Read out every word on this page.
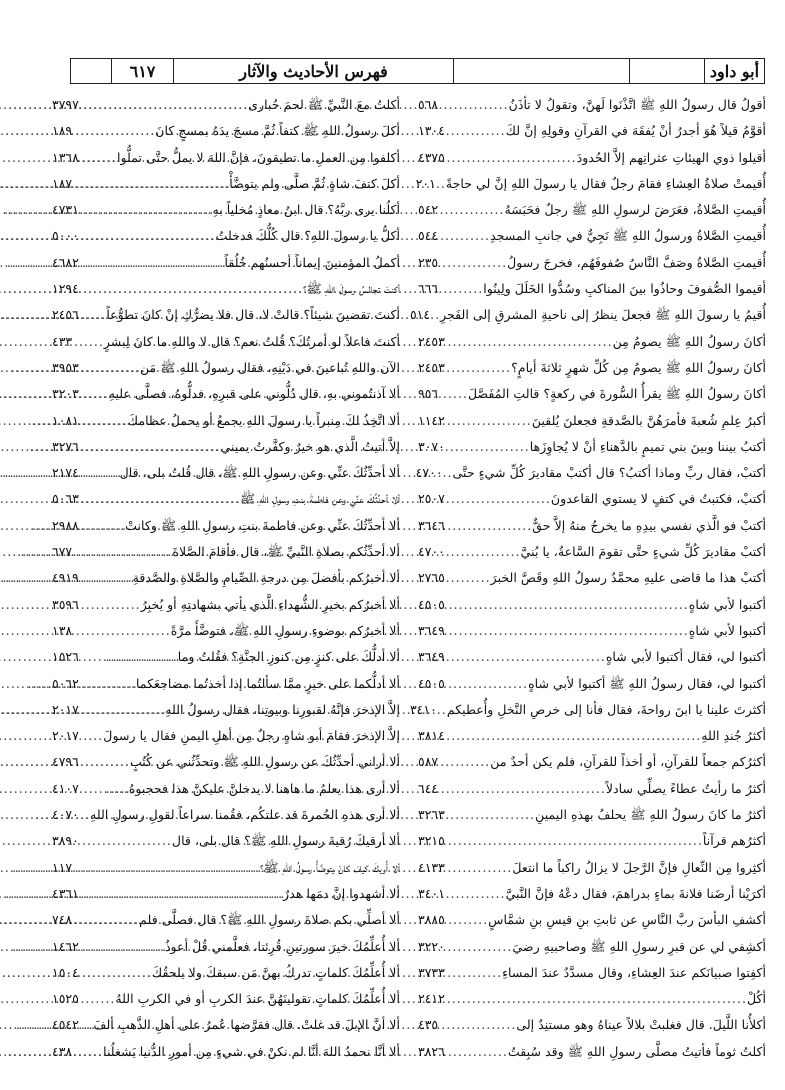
٦١٧	فهرس الأحاديث والآثار	أبو داود
أقولُ قال رسولُ اللهِ ﷺ اتَّذْنَوا لَهنَّ، وتقولُ لا تأذَنُ
.....
٥٦٨
أقوَّمُ قيلاً هُوَ أجدرُ أنْ يُفقَهَ في القرآنِ وقولِهِ إنَّ لكَ
.....
١٣٠٤
أقيلوا ذوي الهيئاتِ عثراتِهم إلاَّ الحُدودَ
.....
٤٣٧٥
أُقيمتْ صلاةُ العِشاءِ فقامَ رجلٌ فقال يا رسولَ اللهِ إنَّ لي حاجةً
.....
٢٠١
أُقيمتِ الصَّلاةُ، فعَرَضَ لرسولِ اللهِ ﷺ رجلٌ فحَبَسَهُ
.....
٥٤٢
أُقيمتِ الصَّلاةُ ورسولُ اللهِ ﷺ نَجِيٌّ في جانبِ المسجدِ
.....
٥٤٤
أُقيمتِ الصَّلاةُ وصَفَّ النَّاسُ صُفوفَهُم، فخرجَ رسولُ
.....
٢٣٥
أقيموا الصُّفوفَ وحاذُوا بينَ المناكبِ وسُدُّوا الخَلَلَ ولِينُوا
.....
٦٦٦
أُقيمُ يا رسولَ اللهِ ﷺ فجعلَ ينظرُ إلى ناحيةِ المشرقِ إلى الفَجرِ
.....
٥١٤
أكانَ رسولُ اللهِ ﷺ يصومُ مِن
.....
٢٤٥٣
أكانَ رسولُ اللهِ ﷺ يصومُ مِن كُلِّ شهرٍ ثلاثةَ أيامٍ؟
.....
٢٤٥٣
أكانَ رسولُ اللهِ ﷺ يقرأُ السُّورةَ في ركعةٍ؟ قالتِ المُفَصَّلَ
.....
٩٥٦
أكبرُ عِلمِ شُعبةَ فأمرَهُنَّ بالصَّدقةِ فجعلنَ يُلقينَ
.....
١١٤٢
أكتبُ بيننا وبينَ بني تميمٍ بالدَّهناءِ أنْ لا يُجاوِزَها
.....
٣٠٧٠
أكتبْ، فقال ربِّ وماذا أكتبُ؟ قال أكتبْ مقاديرَ كُلِّ شيءٍ حتَّى
.....
٤٧٠٠
أكتبْ، فكتبتُ في كتفٍ لا يستوي القاعدونَ
.....
٢٥٠٧
أكتبْ فو الَّذي نفسي بيدِهِ ما يخرجُ منهُ إلاَّ حقٌّ
.....
٣٦٤٦
أكتبْ مقاديرَ كُلِّ شيءٍ حتَّى تقومَ السَّاعةُ، يا بُنيَّ
.....
٤٧٠٠
أكتبْ هذا ما قاضى عليهِ محمَّدٌ رسولُ اللهِ وقَصَّ الخبرَ
.....
٢٧٦٥
أكتبوا لأبي شاهٍ
.....
٤٥٠٥
أكتبوا لأبي شاهٍ
.....
٣٦٤٩
أكتبوا لي، فقال أكتبوا لأبي شاهٍ
.....
٣٦٤٩
أكتبوا لي، فقال رسولُ اللهِ ﷺ أكتبوا لأبي شاهٍ
.....
٤٥٠٥
أكثرتَ علينا يا ابنَ رواحةَ، فقال فأنا إلى خرصِ النَّخلِ وأُعطيكم
.....
٣٤١٠
أكثرُ جُندِ اللهِ
.....
٣٨١٤
أكثرُكم جمعاً للقرآنِ، أو أخذاً للقرآنِ، فلم يكن أحدٌ من
.....
٥٨٧
أكثرُ ما رأيتُ عطاءً يصلِّي سادلاً
.....
٦٤٤
أكثرُ ما كانَ رسولُ اللهِ ﷺ يحلفُ بهذهِ اليمينِ
.....
٣٢٦٣
أكثرُهم قرآناً
.....
٣٢١٥
أكثِروا مِن النِّعالِ فإنَّ الرَّجلَ لا يزالُ راكباً ما انتعلَ
.....
٤١٣٣
أكرَيْنا أرضَنا فلانةَ بماءٍ بدراهمَ، فقال دعْهُ فإنَّ النَّبيَّ
.....
٣٤٠١
أكشفِ البأسَ ربَّ النَّاسِ عن ثابتِ بنِ قيسِ بنِ شمَّاسٍ
.....
٣٨٨٥
أكشِفي لي عن قبرِ رسولِ اللهِ ﷺ وصاحبيهِ رضيَ
.....
٣٢٢٠
أكفِتوا صبيانَكم عندَ العِشاءِ، وقال مسدَّدٌ عندَ المساءِ
.....
٣٧٣٣
أكُلْ
.....
٢٤١٢
أكلأُنا اللَّيلَ. قال فغلبتْ بلالاً عيناهُ وهو مستنِدٌ إلى
.....
٤٣٥
أكلتُ ثوماً فأتيتُ مصلَّى رسولِ اللهِ ﷺ وقد سُبِقتُ
.....
٣٨٢٦
أكلتُ معَ النَّبيِّ ﷺ لحمَ حُبارى
.....
٣٧٩٧
أكلَ رسولُ اللهِ ﷺ كتفاً ثُمَّ مسحَ يدَهُ بمسحٍ كانَ
.....
١٨٩
أكلفوا مِن العملِ ما تطيقونَ، فإنَّ اللهَ لا يملُّ حتَّى تملُّوا
.....
١٣٦٨
أكلَ كتفَ شاةٍ ثُمَّ صلَّى ولم يتوضَّأْ
.....
١٨٧
أكلُنا يرى ربَّهُ؟ قال ابنُ معاذٍ مُخلياً بهِ
.....
٤٧٣١
أكلُّ يا رسولَ اللهِ؟ قال كُلُّكَ فدخلتُ
.....
٥٠٠٠
أكملُ المؤمنينَ إيماناً أحسنُهم خُلُقاً
.....
٤٦٨٢
أكنتَ تجالسُ رسولَ اللهِ ﷺ؟
.....
١٢٩٤
أكنتَ تقضينَ شيئاً؟ قالتْ لا، قال فلا يضرُّكِ إنْ كانَ تطوُّعاً
.....
٢٤٥٦
أكنتَ فاعلاً لو أمرتُكَ؟ قُلتُ نعم؟ قال لا واللهِ ما كانَ لِبشرٍ
.....
٤٣٣
الآن واللهِ تُباعينَ في دَيْنِهِ، فقال رسولُ اللهِ ﷺ مَن
.....
٣٩٥٣
ألا آذنتُموني بهِ، قال دُلُّوني على قبرِهِ، فدلُّوهُ، فصلَّى عليهِ
.....
٣٢٠٣
ألا اتَّخِذُ لكَ مِنبراً يا رسولَ اللهِ يجمعُ أو يحملُ عظامكَ
.....
١٠٨١
إلاَّ أتيتُ الَّذي هو خيرٌ وكفَّرتُ يميني
.....
٣٢٧٦
ألا أحدِّثُكَ عنِّي وعن رسولِ اللهِ ﷺ، قال قُلتُ بلى، قال
.....
٢١٧٤
ألا أحدِّثُكَ عنِّي وعن فاطمةَ بنتِ رسولِ اللهِ ﷺ
.....
٥٠٦٣
ألا أحدِّثُكَ عنِّي وعن فاطمةَ بنتِ رسولِ اللهِ ﷺ وكانتْ
.....
٢٩٨٨
ألا أحدِّثُكم بصلاةِ النَّبيِّ ﷺ، قال فأقامَ الصَّلاةَ
.....
٦٧٧
ألا أخبرُكم بأفضلَ مِن درجةِ الصِّيامِ والصَّلاةِ والصَّدقةِ
.....
٤٩١٩
ألا أخبرُكم بخيرِ الشُّهداءِ الَّذي يأتي بشهادتِهِ أو يُخبِرُ
.....
٣٥٩٦
ألا أخبرُكم بوضوءِ رسولِ اللهِ ﷺ، فتوضَّأَ مرَّةً
.....
١٣٨
ألا أدلُّكَ على كنزٍ مِن كنوزِ الجنَّةِ؟ فقُلتُ وما
.....
١٥٢٦
ألا أدلُّكما على خيرٍ ممَّا سألتُما إذا أخذتُما مضاجعَكما
.....
٥٠٦٢
إلاَّ الإذخرَ فإنَّهُ لقبورِنا وبيوتِنا، فقال رسولُ اللهِ
.....
٢٠١٧
إلاَّ الإذخرَ فقامَ أبو شاهٍ رجلٌ مِن أهلِ اليمنِ فقال يا رسولَ
.....
٢٠١٧
ألا أراني أحدِّثُكَ عن رسولِ اللهِ ﷺ وتحدِّثُني عن كُتُبٍ
.....
٤٧٩٦
ألا أرى هذا يعلمُ ما هاهنا لا يدخلنَّ عليكنَّ هذا فحجبوهُ
.....
٤١٠٧
ألا أرى هذهِ الحُمرةَ قد علتكُم، فقُمنا سراعاً لقولِ رسولِ اللهِ
.....
٤٠٧٠
ألا أرقيكَ رُقيةَ رسولِ اللهِ ﷺ؟ قال بلى، قال
.....
٣٨٩٠
ألا أُريكَ كيفَ كانَ يتوضَّأُ رسولُ اللهِ ﷺ؟
.....
١١٧
ألا أشهدوا إنَّ دمَها هدرٌ
.....
٤٣٦١
ألا أصلِّي بكم صلاةَ رسولِ اللهِ ﷺ؟ قال فصلَّى فلم
.....
٧٤٨
ألا أُعلِّمُكَ خيرَ سورتينِ قُرِئتا، فعلَّمني قُلْ أعوذُ
.....
١٤٦٢
ألا أُعلِّمُكَ كلماتٍ تدركُ بهنَّ مَن سبقكَ ولا يلحقُكَ
.....
١٥٠٤
ألا أُعلِّمُكَ كلماتٍ تقولينَهُنَّ عندَ الكربِ أو في الكربِ اللهُ
.....
١٥٢٥
ألا أنَّ الإبلَ قد غلتْ. قال فقرَّضها عُمرُ على أهلِ الذَّهبِ ألفَ
.....
٤٥٤٢
ألا أنَّا نحمدُ اللهَ أنَّا لم نكنْ في شيءٍ مِن أمورِ الدُّنيا يَشغلُنا
.....
٤٣٨
